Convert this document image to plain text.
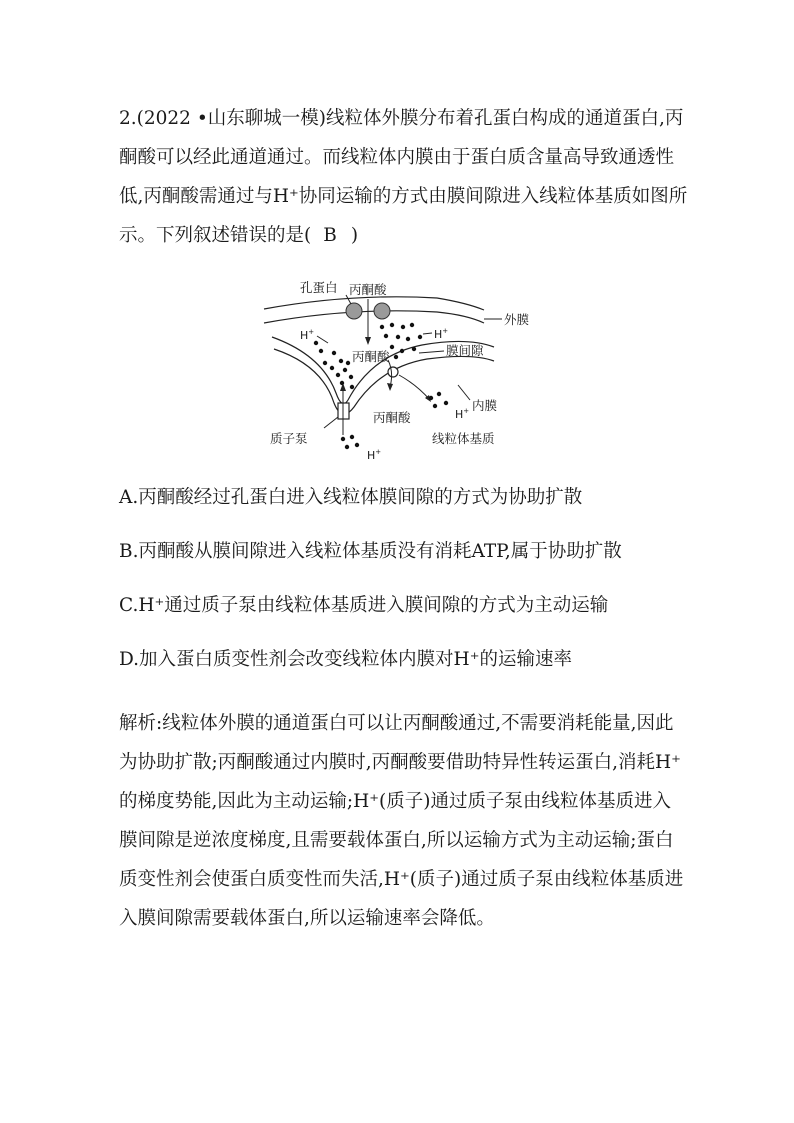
2.(2022 •山东聊城一模)线粒体外膜分布着孔蛋白构成的通道蛋白,丙酮酸可以经此通道通过。而线粒体内膜由于蛋白质含量高导致通透性低,丙酮酸需通过与H⁺协同运输的方式由膜间隙进入线粒体基质如图所示。下列叙述错误的是( B )

孔蛋白 丙酮酸
外膜
H+	H+
丙酮酸	膜间隙
H+ 内膜
丙酮酸
质子泵	线粒体基质
H+

A.丙酮酸经过孔蛋白进入线粒体膜间隙的方式为协助扩散

B.丙酮酸从膜间隙进入线粒体基质没有消耗ATP,属于协助扩散

C.H⁺通过质子泵由线粒体基质进入膜间隙的方式为主动运输

D.加入蛋白质变性剂会改变线粒体内膜对H⁺的运输速率

解析:线粒体外膜的通道蛋白可以让丙酮酸通过,不需要消耗能量,因此为协助扩散;丙酮酸通过内膜时,丙酮酸要借助特异性转运蛋白,消耗H⁺的梯度势能,因此为主动运输;H⁺(质子)通过质子泵由线粒体基质进入膜间隙是逆浓度梯度,且需要载体蛋白,所以运输方式为主动运输;蛋白质变性剂会使蛋白质变性而失活,H⁺(质子)通过质子泵由线粒体基质进入膜间隙需要载体蛋白,所以运输速率会降低。
